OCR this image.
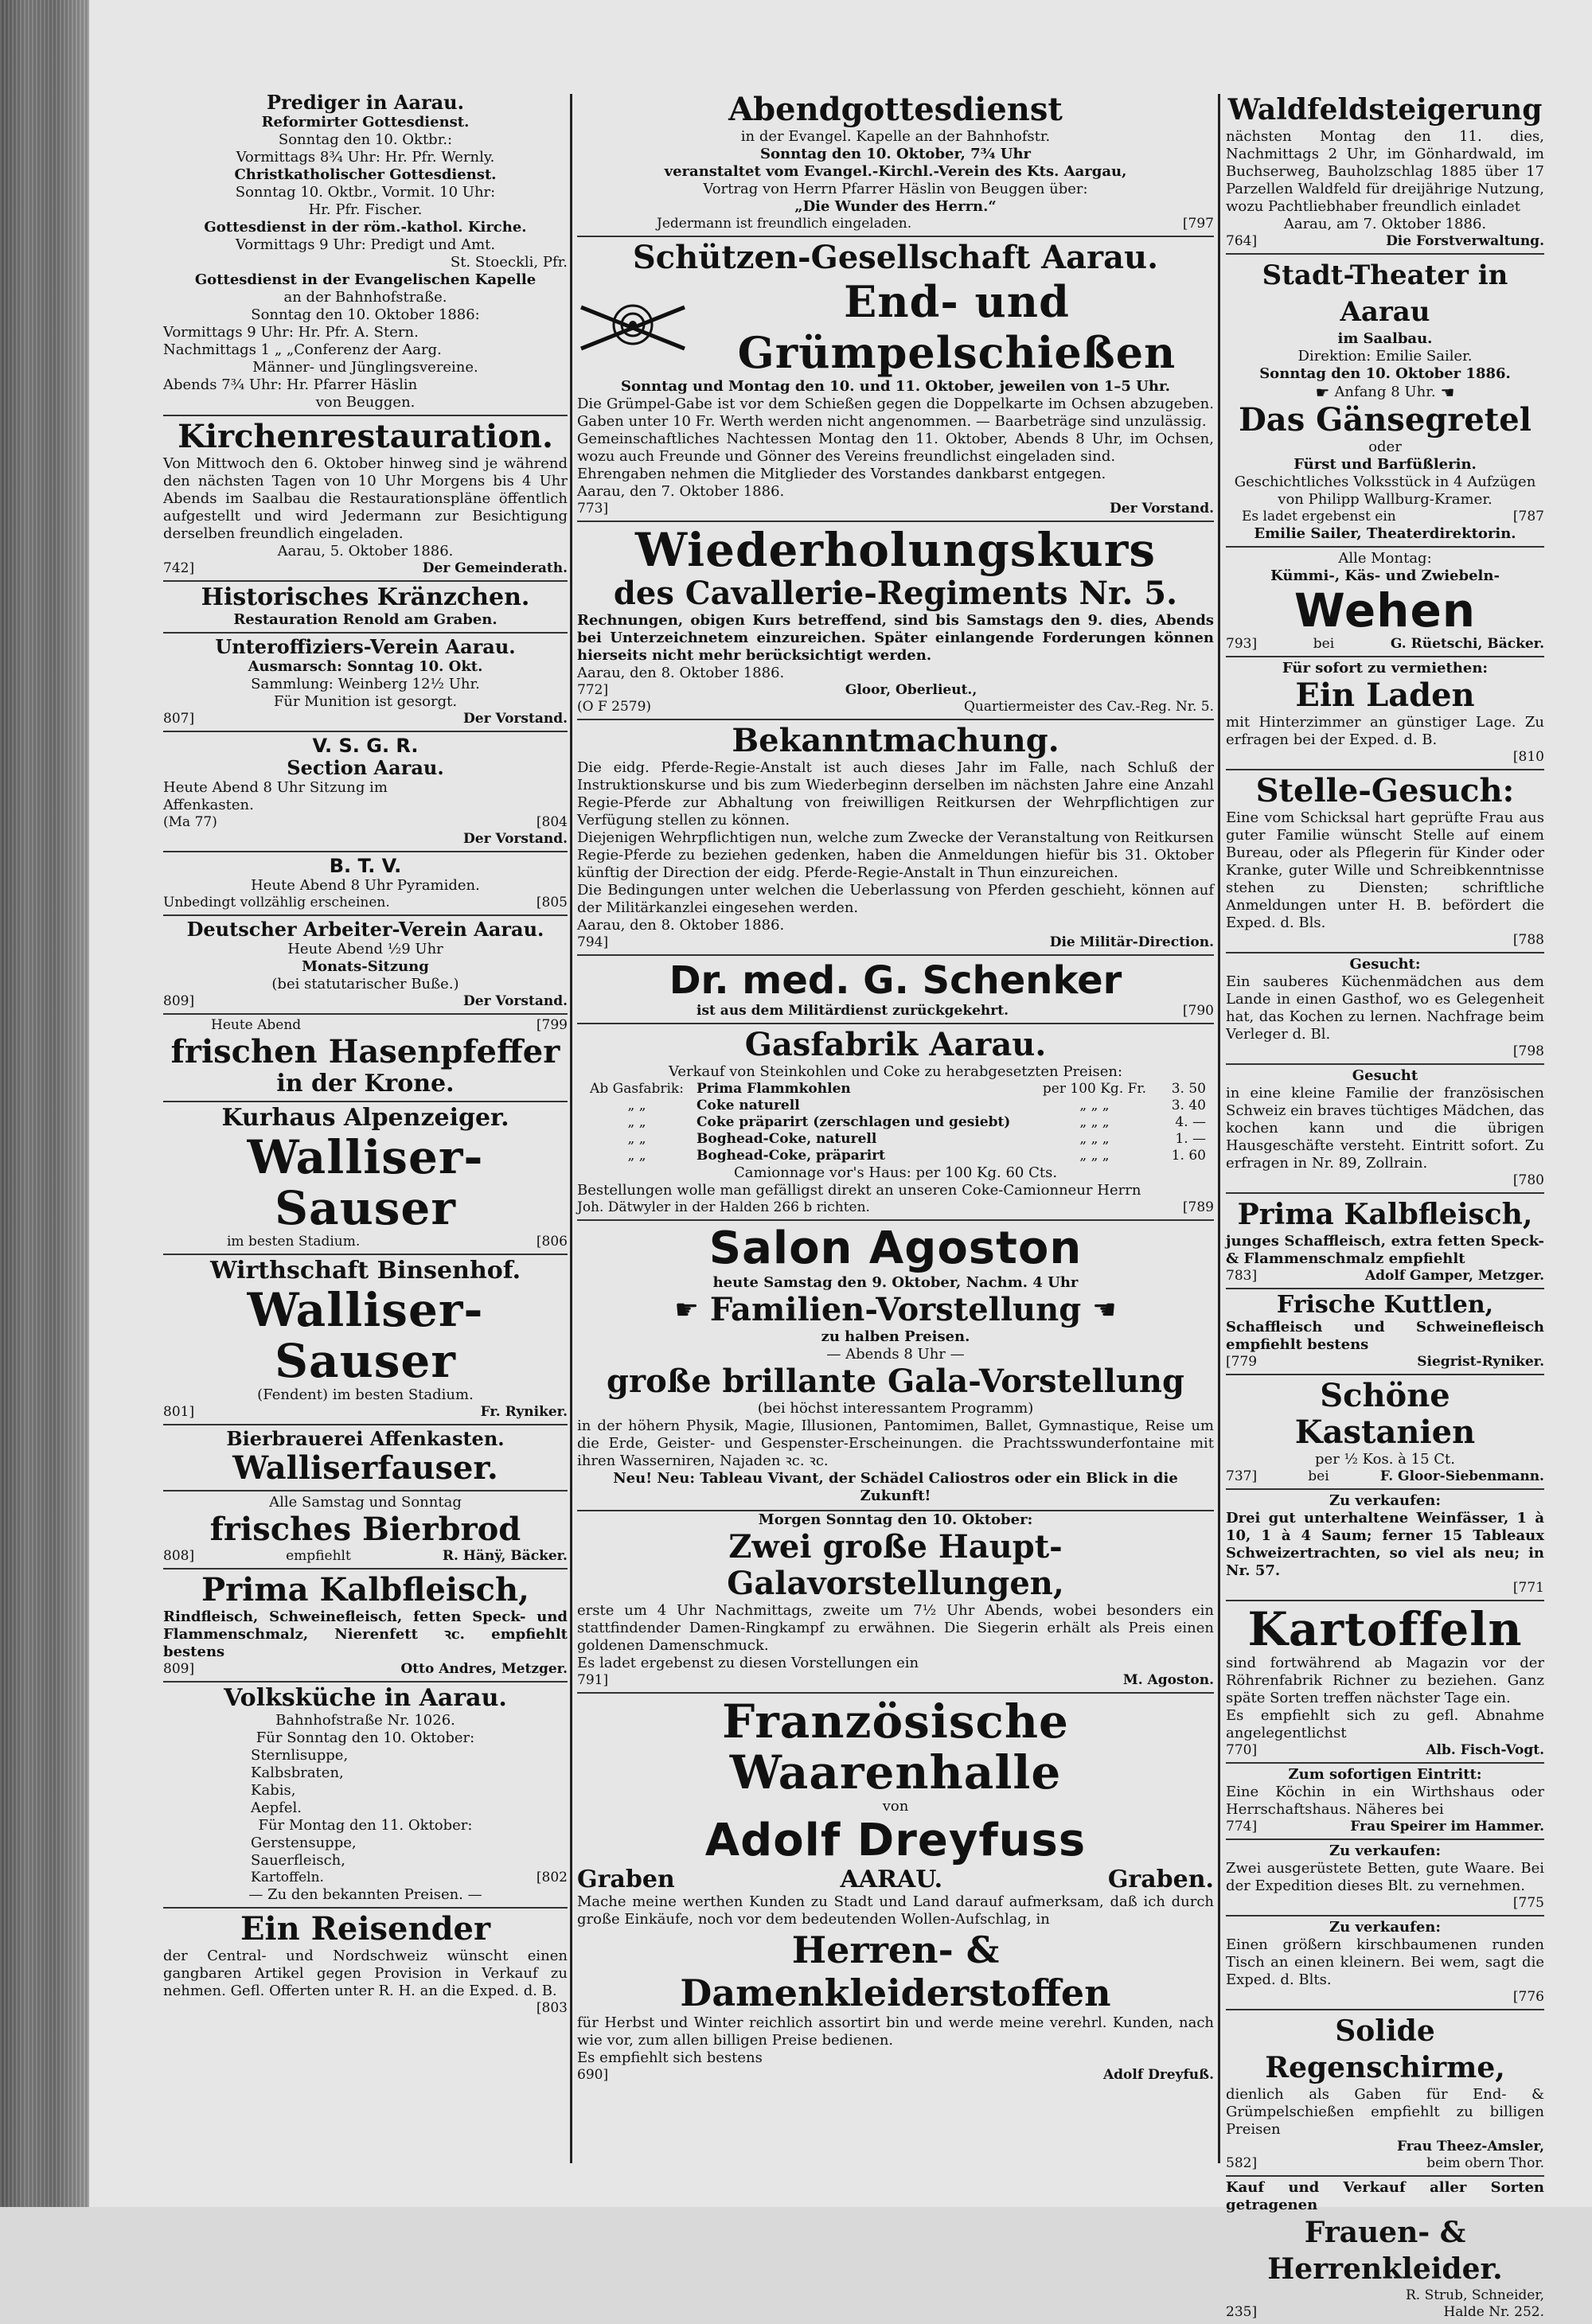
Prediger in Aarau.
Reformirter Gottesdienst.
Sonntag den 10. Oktbr.:
Vormittags 8¾ Uhr: Hr. Pfr. Wernly.
Christkatholischer Gottesdienst.
Sonntag 10. Oktbr., Vormit. 10 Uhr:
Hr. Pfr. Fischer.
Gottesdienst in der röm.-kathol. Kirche.
Vormittags 9 Uhr: Predigt und Amt.
St. Stoeckli, Pfr.
Gottesdienst in der Evangelischen Kapelle
an der Bahnhofstraße.
Sonntag den 10. Oktober 1886:
Vormittags 9 Uhr: Hr. Pfr. A. Stern.
Nachmittags 1 „ „Conferenz der Aarg.
Männer- und Jünglingsvereine.
Abends 7¾ Uhr: Hr. Pfarrer Häslin
von Beuggen.
Kirchenrestauration.
Von Mittwoch den 6. Oktober hinweg sind je während den nächsten Tagen von 10 Uhr Morgens bis 4 Uhr Abends im Saalbau die Restaurationspläne öffentlich aufgestellt und wird Jedermann zur Besichtigung derselben freundlich eingeladen.
Aarau, 5. Oktober 1886.
742]	Der Gemeinderath.
Historisches Kränzchen.
Restauration Renold am Graben.
Unteroffiziers-Verein Aarau.
Ausmarsch: Sonntag 10. Okt.
Sammlung: Weinberg 12½ Uhr.
Für Munition ist gesorgt.
807]	Der Vorstand.
V. S. G. R.
Section Aarau.
Heute Abend 8 Uhr Sitzung im
Affenkasten.
(Ma 77)	[804
Der Vorstand.
B. T. V.
Heute Abend 8 Uhr Pyramiden.
Unbedingt vollzählig erscheinen.	[805
Deutscher Arbeiter-Verein Aarau.
Heute Abend ½9 Uhr
Monats-Sitzung
(bei statutarischer Buße.)
809]	Der Vorstand.
Heute Abend	[799
frischen Hasenpfeffer
in der Krone.
Kurhaus Alpenzeiger.
Walliser-Sauser
im besten Stadium.	[806
Wirthschaft Binsenhof.
Walliser-Sauser
(Fendent) im besten Stadium.
801]	Fr. Ryniker.
Bierbrauerei Affenkasten.
Walliserfauser.
Alle Samstag und Sonntag
frisches Bierbrod
808]	empfiehlt	R. Hänÿ, Bäcker.
Prima Kalbfleisch,
Rindfleisch, Schweinefleisch, fetten Speck- und Flammenschmalz, Nierenfett ꝛc. empfiehlt bestens
809]	Otto Andres, Metzger.
Volksküche in Aarau.
Bahnhofstraße Nr. 1026.
Für Sonntag den 10. Oktober:
Sternlisuppe,
Kalbsbraten,
Kabis,
Aepfel.
Für Montag den 11. Oktober:
Gerstensuppe,
Sauerfleisch,
Kartoffeln.	[802
— Zu den bekannten Preisen. —
Ein Reisender
der Central- und Nordschweiz wünscht einen gangbaren Artikel gegen Provision in Verkauf zu nehmen. Gefl. Offerten unter R. H. an die Exped. d. B.
[803
Abendgottesdienst
in der Evangel. Kapelle an der Bahnhofstr.
Sonntag den 10. Oktober, 7¾ Uhr
veranstaltet vom Evangel.-Kirchl.-Verein des Kts. Aargau,
Vortrag von Herrn Pfarrer Häslin von Beuggen über:
„Die Wunder des Herrn.“
Jedermann ist freundlich eingeladen.	[797
Schützen-Gesellschaft Aarau.
End- und Grümpelschießen
Sonntag und Montag den 10. und 11. Oktober, jeweilen von 1–5 Uhr.
Die Grümpel-Gabe ist vor dem Schießen gegen die Doppelkarte im Ochsen abzugeben. Gaben unter 10 Fr. Werth werden nicht angenommen. — Baarbeträge sind unzulässig.
Gemeinschaftliches Nachtessen Montag den 11. Oktober, Abends 8 Uhr, im Ochsen, wozu auch Freunde und Gönner des Vereins freundlichst eingeladen sind.
Ehrengaben nehmen die Mitglieder des Vorstandes dankbarst entgegen.
Aarau, den 7. Oktober 1886.
773]	Der Vorstand.
Wiederholungskurs
des Cavallerie-Regiments Nr. 5.
Rechnungen, obigen Kurs betreffend, sind bis Samstags den 9. dies, Abends bei Unterzeichnetem einzureichen. Später einlangende Forderungen können hierseits nicht mehr berücksichtigt werden.
Aarau, den 8. Oktober 1886.
772]	Gloor, Oberlieut.,
(O F 2579)	Quartiermeister des Cav.-Reg. Nr. 5.
Bekanntmachung.
Die eidg. Pferde-Regie-Anstalt ist auch dieses Jahr im Falle, nach Schluß der Instruktionskurse und bis zum Wiederbeginn derselben im nächsten Jahre eine Anzahl Regie-Pferde zur Abhaltung von freiwilligen Reitkursen der Wehrpflichtigen zur Verfügung stellen zu können.
Diejenigen Wehrpflichtigen nun, welche zum Zwecke der Veranstaltung von Reitkursen Regie-Pferde zu beziehen gedenken, haben die Anmeldungen hiefür bis 31. Oktober künftig der Direction der eidg. Pferde-Regie-Anstalt in Thun einzureichen.
Die Bedingungen unter welchen die Ueberlassung von Pferden geschieht, können auf der Militärkanzlei eingesehen werden.
Aarau, den 8. Oktober 1886.
794]	Die Militär-Direction.
Dr. med. G. Schenker
ist aus dem Militärdienst zurückgekehrt.	[790
Gasfabrik Aarau.
Verkauf von Steinkohlen und Coke zu herabgesetzten Preisen:
Ab Gasfabrik: Prima Flammkohlen	per 100 Kg. Fr.	3. 50
„ „	Coke naturell	„ „ „	3. 40
„ „	Coke präparirt (zerschlagen und gesiebt)	„ „ „	4. —
„ „	Boghead-Coke, naturell	„ „ „	1. —
„ „	Boghead-Coke, präparirt	„ „ „	1. 60
Camionnage vor's Haus: per 100 Kg. 60 Cts.
Bestellungen wolle man gefälligst direkt an unseren Coke-Camionneur Herrn
Joh. Dätwyler in der Halden 266 b richten.	[789
Salon Agoston
heute Samstag den 9. Oktober, Nachm. 4 Uhr
☛ Familien-Vorstellung ☚
zu halben Preisen.
— Abends 8 Uhr —
große brillante Gala-Vorstellung
(bei höchst interessantem Programm)
in der höhern Physik, Magie, Illusionen, Pantomimen, Ballet, Gymnastique, Reise um die Erde, Geister- und Gespenster-Erscheinungen. die Prachtsswunderfontaine mit ihren Wasserniren, Najaden ꝛc. ꝛc.
Neu! Neu: Tableau Vivant, der Schädel Caliostros oder ein Blick in die Zukunft!
Morgen Sonntag den 10. Oktober:
Zwei große Haupt-Galavorstellungen,
erste um 4 Uhr Nachmittags, zweite um 7½ Uhr Abends, wobei besonders ein stattfindender Damen-Ringkampf zu erwähnen. Die Siegerin erhält als Preis einen goldenen Damenschmuck.
Es ladet ergebenst zu diesen Vorstellungen ein
791]	M. Agoston.
Französische Waarenhalle
von
Adolf Dreyfuss
Graben	AARAU.	Graben.
Mache meine werthen Kunden zu Stadt und Land darauf aufmerksam, daß ich durch große Einkäufe, noch vor dem bedeutenden Wollen-Aufschlag, in
Herren- & Damenkleiderstoffen
für Herbst und Winter reichlich assortirt bin und werde meine verehrl. Kunden, nach wie vor, zum allen billigen Preise bedienen.
Es empfiehlt sich bestens
690]	Adolf Dreyfuß.
Waldfeldsteigerung
nächsten Montag den 11. dies, Nachmittags 2 Uhr, im Gönhardwald, im Buchserweg, Bauholzschlag 1885 über 17 Parzellen Waldfeld für dreijährige Nutzung, wozu Pachtliebhaber freundlich einladet
Aarau, am 7. Oktober 1886.
764]	Die Forstverwaltung.
Stadt-Theater in Aarau
im Saalbau.
Direktion: Emilie Sailer.
Sonntag den 10. Oktober 1886.
☛ Anfang 8 Uhr. ☚
Das Gänsegretel
oder
Fürst und Barfüßlerin.
Geschichtliches Volksstück in 4 Aufzügen von Philipp Wallburg-Kramer.
Es ladet ergebenst ein	[787
Emilie Sailer, Theaterdirektorin.
Alle Montag:
Kümmi-, Käs- und Zwiebeln-
Wehen
793]	bei	G. Rüetschi, Bäcker.
Für sofort zu vermiethen:
Ein Laden
mit Hinterzimmer an günstiger Lage. Zu erfragen bei der Exped. d. B.
[810
Stelle-Gesuch:
Eine vom Schicksal hart geprüfte Frau aus guter Familie wünscht Stelle auf einem Bureau, oder als Pflegerin für Kinder oder Kranke, guter Wille und Schreibkenntnisse stehen zu Diensten; schriftliche Anmeldungen unter H. B. befördert die Exped. d. Bls.
[788
Gesucht:
Ein sauberes Küchenmädchen aus dem Lande in einen Gasthof, wo es Gelegenheit hat, das Kochen zu lernen. Nachfrage beim Verleger d. Bl.
[798
Gesucht
in eine kleine Familie der französischen Schweiz ein braves tüchtiges Mädchen, das kochen kann und die übrigen Hausgeschäfte versteht. Eintritt sofort. Zu erfragen in Nr. 89, Zollrain.
[780
Prima Kalbfleisch,
junges Schaffleisch, extra fetten Speck- & Flammenschmalz empfiehlt
783]	Adolf Gamper, Metzger.
Frische Kuttlen,
Schaffleisch und Schweinefleisch empfiehlt bestens
[779	Siegrist-Ryniker.
Schöne Kastanien
per ½ Kos. à 15 Ct.
737]	bei	F. Gloor-Siebenmann.
Zu verkaufen:
Drei gut unterhaltene Weinfässer, 1 à 10, 1 à 4 Saum; ferner 15 Tableaux Schweizertrachten, so viel als neu; in Nr. 57.
[771
Kartoffeln
sind fortwährend ab Magazin vor der Röhrenfabrik Richner zu beziehen. Ganz späte Sorten treffen nächster Tage ein.
Es empfiehlt sich zu gefl. Abnahme angelegentlichst
770]	Alb. Fisch-Vogt.
Zum sofortigen Eintritt:
Eine Köchin in ein Wirthshaus oder Herrschaftshaus. Näheres bei
774]	Frau Speirer im Hammer.
Zu verkaufen:
Zwei ausgerüstete Betten, gute Waare. Bei der Expedition dieses Blt. zu vernehmen.
[775
Zu verkaufen:
Einen größern kirschbaumenen runden Tisch an einen kleinern. Bei wem, sagt die Exped. d. Blts.
[776
Solide Regenschirme,
dienlich als Gaben für End- & Grümpelschießen empfiehlt zu billigen Preisen
Frau Theez-Amsler,
582]	beim obern Thor.
Kauf und Verkauf aller Sorten getragenen
Frauen- & Herrenkleider.
R. Strub, Schneider,
235]	Halde Nr. 252.
